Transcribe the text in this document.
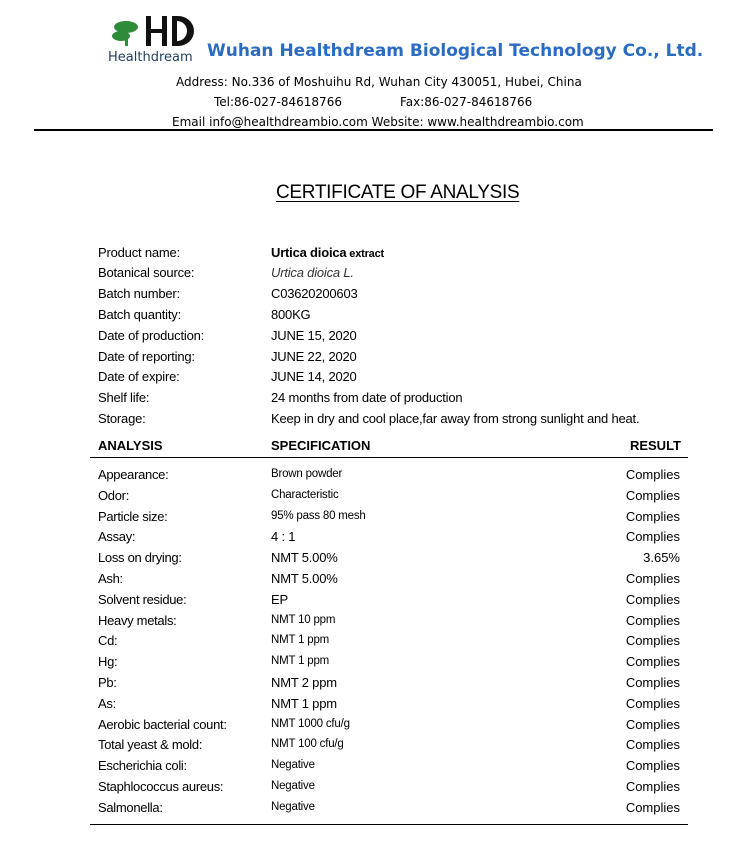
Healthdream Wuhan Healthdream Biological Technology Co., Ltd.
Address: No.336 of Moshuihu Rd, Wuhan City 430051, Hubei, China
Tel:86-027-84618766	Fax:86-027-84618766
Email info@healthdreambio.com Website: www.healthdreambio.com
CERTIFICATE OF ANALYSIS
Product name:	Urtica dioica extract
Botanical source:	Urtica dioica L.
Batch number:	C03620200603
Batch quantity:	800KG
Date of production:	JUNE 15, 2020
Date of reporting:	JUNE 22, 2020
Date of expire:	JUNE 14, 2020
Shelf life:	24 months from date of production
Storage:	Keep in dry and cool place,far away from strong sunlight and heat.
ANALYSIS	SPECIFICATION	RESULT
Appearance:	Brown powder	Complies
Odor:	Characteristic	Complies
Particle size:	95% pass 80 mesh	Complies
Assay:	4 : 1	Complies
Loss on drying:	NMT 5.00%	3.65%
Ash:	NMT 5.00%	Complies
Solvent residue:	EP	Complies
Heavy metals:	NMT 10 ppm	Complies
Cd:	NMT 1 ppm	Complies
Hg:	NMT 1 ppm	Complies
Pb:	NMT 2 ppm	Complies
As:	NMT 1 ppm	Complies
Aerobic bacterial count:	NMT 1000 cfu/g	Complies
Total yeast & mold:	NMT 100 cfu/g	Complies
Escherichia coli:	Negative	Complies
Staphlococcus aureus:	Negative	Complies
Salmonella:	Negative	Complies
